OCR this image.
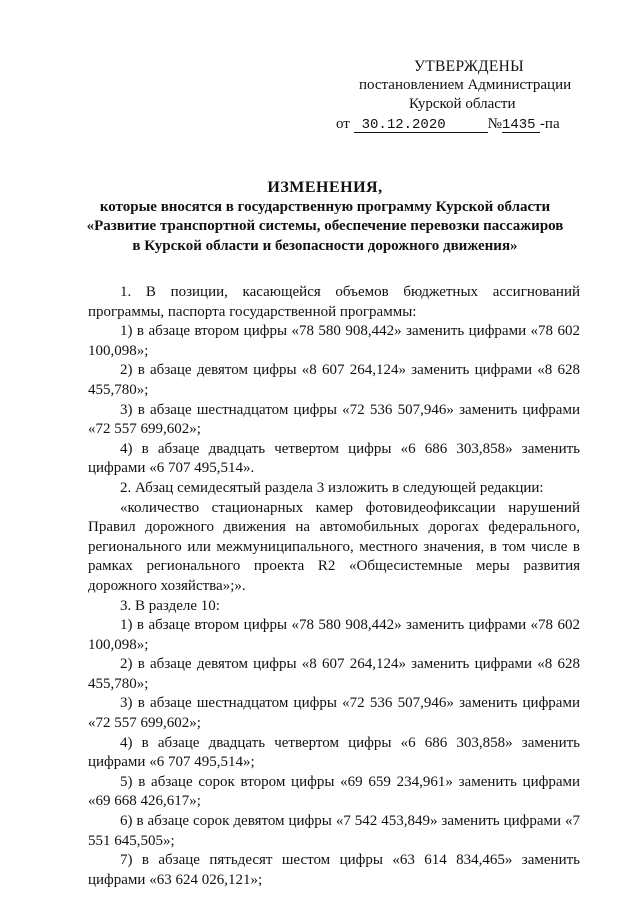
УТВЕРЖДЕНЫ
постановлением Администрации
Курской области
от 30.12.2020	№1435 -па
ИЗМЕНЕНИЯ,
которые вносятся в государственную программу Курской области
«Развитие транспортной системы, обеспечение перевозки пассажиров
в Курской области и безопасности дорожного движения»

1. В позиции, касающейся объемов бюджетных ассигнований программы, паспорта государственной программы:

1) в абзаце втором цифры «78 580 908,442» заменить цифрами «78 602 100,098»;

2) в абзаце девятом цифры «8 607 264,124» заменить цифрами «8 628 455,780»;

3) в абзаце шестнадцатом цифры «72 536 507,946» заменить цифрами «72 557 699,602»;

4) в абзаце двадцать четвертом цифры «6 686 303,858» заменить цифрами «6 707 495,514».

2. Абзац семидесятый раздела 3 изложить в следующей редакции:

«количество стационарных камер фотовидеофиксации нарушений Правил дорожного движения на автомобильных дорогах федерального, регионального или межмуниципального, местного значения, в том числе в рамках регионального проекта R2 «Общесистемные меры развития дорожного хозяйства»;».

3. В разделе 10:

1) в абзаце втором цифры «78 580 908,442» заменить цифрами «78 602 100,098»;

2) в абзаце девятом цифры «8 607 264,124» заменить цифрами «8 628 455,780»;

3) в абзаце шестнадцатом цифры «72 536 507,946» заменить цифрами «72 557 699,602»;

4) в абзаце двадцать четвертом цифры «6 686 303,858» заменить цифрами «6 707 495,514»;

5) в абзаце сорок втором цифры «69 659 234,961» заменить цифрами «69 668 426,617»;

6) в абзаце сорок девятом цифры «7 542 453,849» заменить цифрами «7 551 645,505»;

7) в абзаце пятьдесят шестом цифры «63 614 834,465» заменить цифрами «63 624 026,121»;
